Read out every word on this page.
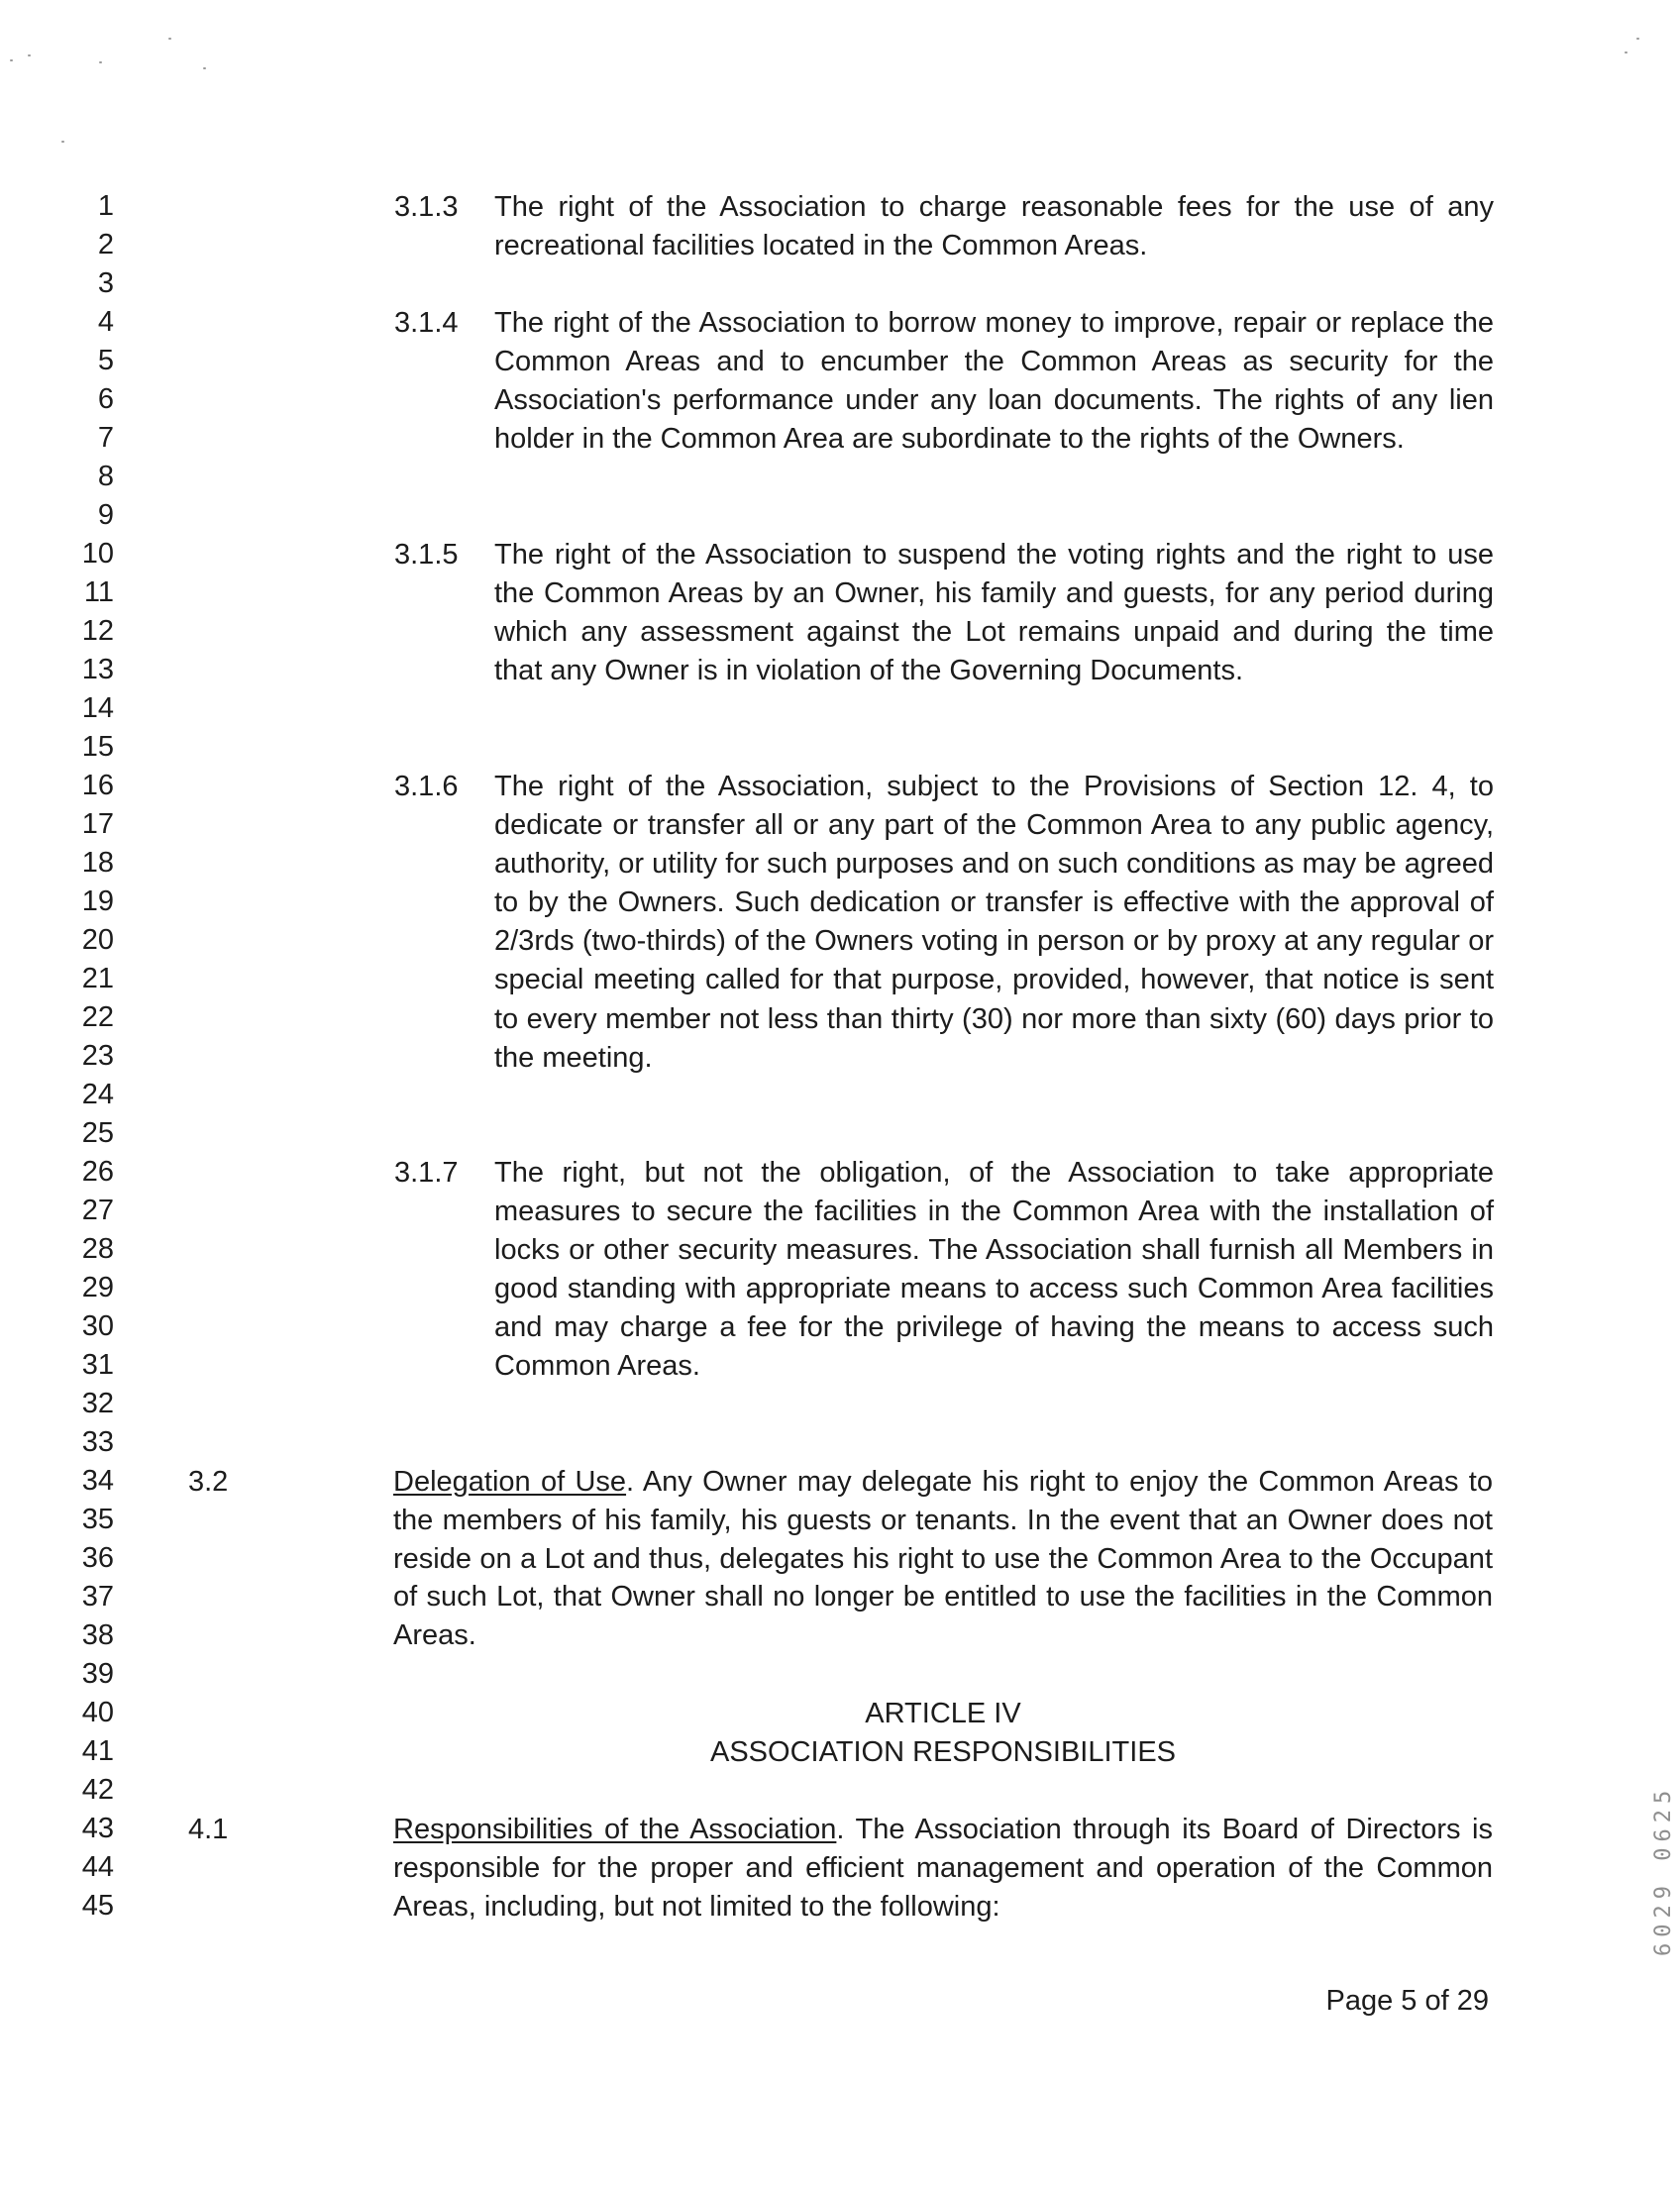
1
2
3
4
5
6
7
8
9
10
11
12
13
14
15
16
17
18
19
20
21
22
23
24
25
26
27
28
29
30
31
32
33
34
35
36
37
38
39
40
41
42
43
44
45
3.1.3	The right of the Association to charge reasonable fees for the use of any recreational facilities located in the Common Areas.
3.1.4	The right of the Association to borrow money to improve, repair or replace the Common Areas and to encumber the Common Areas as security for the Association's performance under any loan documents. The rights of any lien holder in the Common Area are subordinate to the rights of the Owners.
3.1.5	The right of the Association to suspend the voting rights and the right to use the Common Areas by an Owner, his family and guests, for any period during which any assessment against the Lot remains unpaid and during the time that any Owner is in violation of the Governing Documents.
3.1.6	The right of the Association, subject to the Provisions of Section 12. 4, to dedicate or transfer all or any part of the Common Area to any public agency, authority, or utility for such purposes and on such conditions as may be agreed to by the Owners. Such dedication or transfer is effective with the approval of 2/3rds (two-thirds) of the Owners voting in person or by proxy at any regular or special meeting called for that purpose, provided, however, that notice is sent to every member not less than thirty (30) nor more than sixty (60) days prior to the meeting.
3.1.7	The right, but not the obligation, of the Association to take appropriate measures to secure the facilities in the Common Area with the installation of locks or other security measures. The Association shall furnish all Members in good standing with appropriate means to access such Common Area facilities and may charge a fee for the privilege of having the means to access such Common Areas.
3.2	Delegation of Use. Any Owner may delegate his right to enjoy the Common Areas to the members of his family, his guests or tenants. In the event that an Owner does not reside on a Lot and thus, delegates his right to use the Common Area to the Occupant of such Lot, that Owner shall no longer be entitled to use the facilities in the Common Areas.
ARTICLE IV
ASSOCIATION RESPONSIBILITIES
4.1	Responsibilities of the Association. The Association through its Board of Directors is responsible for the proper and efficient management and operation of the Common Areas, including, but not limited to the following:
Page 5 of 29
6029 0625
